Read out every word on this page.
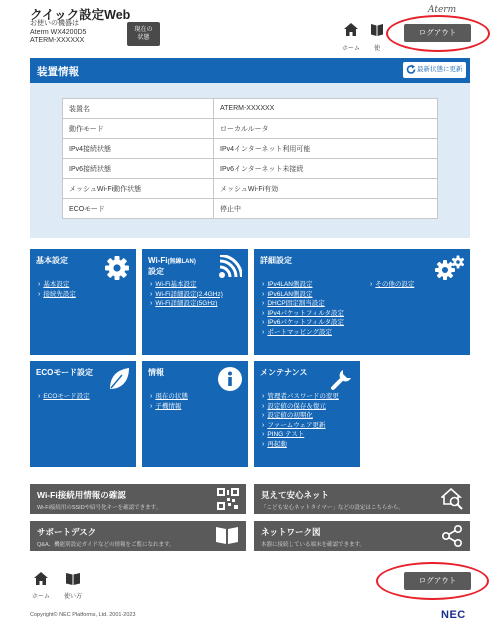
クイック設定Web
お使いの機器は
Aterm WX4200D5
ATERM-XXXXXX
現在の
状態
Aterm
ホーム	使
ログアウト
装置情報	最新状態に更新
装置名	ATERM-XXXXXX
動作モード	ローカルルータ
IPv4接続状態	IPv4インターネット利用可能
IPv6接続状態	IPv6インターネット未接続
メッシュWi-Fi動作状態	メッシュWi-Fi有効
ECOモード	停止中
基本設定
› 基本設定
› 接続先設定
Wi-Fi(無線LAN)
設定
› Wi-Fi基本設定
› Wi-Fi詳細設定(2.4GHz)
› Wi-Fi詳細設定(5GHz)
詳細設定
› IPv4LAN側設定
› IPv6LAN側設定
› DHCP固定割当設定
› IPv4パケットフィルタ設定
› IPv6パケットフィルタ設定
› ポートマッピング設定
› その他の設定
ECOモード設定
› ECOモード設定
情報
› 現在の状態
› 子機情報
メンテナンス
› 管理者パスワードの変更
› 設定値の保存＆復元
› 設定値の初期化
› ファームウェア更新
› PING テスト
› 再起動
Wi-Fi接続用情報の確認
Wi-Fi接続用のSSIDや暗号化キーを確認できます。
見えて安心ネット
「こども安心ネットタイマー」などの設定はこちらから。
サポートデスク
Q&A、機能別設定ガイドなどの情報をご覧になれます。
ネットワーク図
本器に接続している端末を確認できます。
ホーム	使い方
ログアウト
Copyright© NEC Platforms, Ltd. 2001-2023	NEC
